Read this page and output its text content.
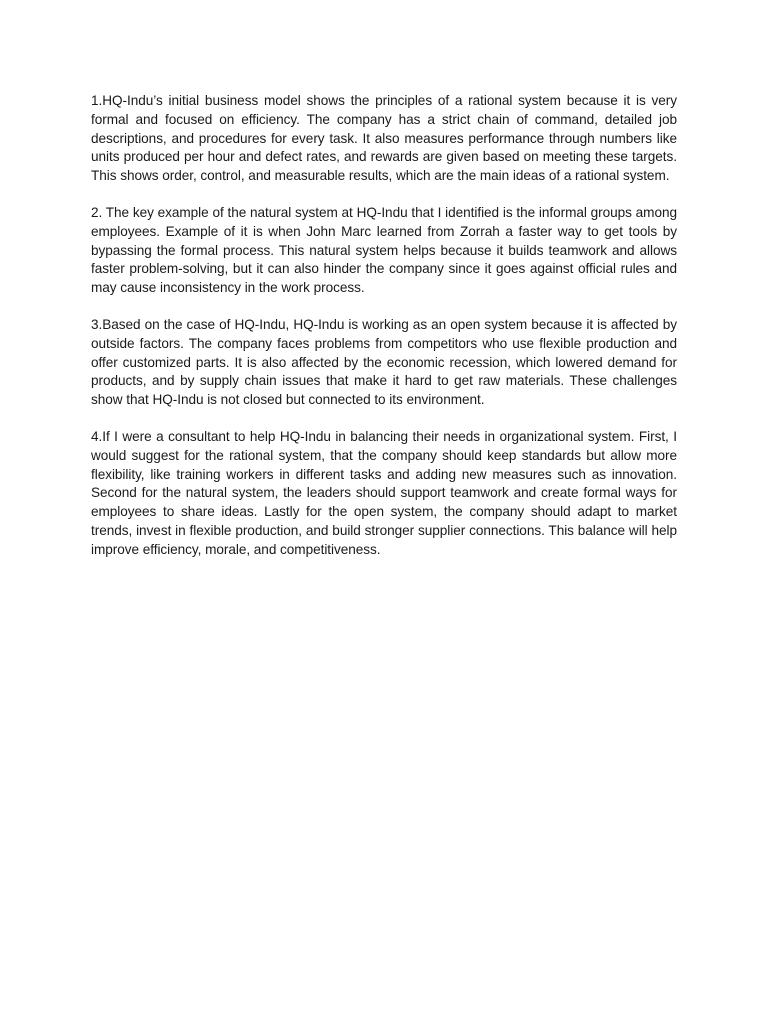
1.HQ-Indu’s initial business model shows the principles of a rational system because it is very formal and focused on efficiency. The company has a strict chain of command, detailed job descriptions, and procedures for every task. It also measures performance through numbers like units produced per hour and defect rates, and rewards are given based on meeting these targets. This shows order, control, and measurable results, which are the main ideas of a rational system.

2. The key example of the natural system at HQ-Indu that I identified is the informal groups among employees. Example of it is when John Marc learned from Zorrah a faster way to get tools by bypassing the formal process. This natural system helps because it builds teamwork and allows faster problem-solving, but it can also hinder the company since it goes against official rules and may cause inconsistency in the work process.

3.Based on the case of HQ-Indu, HQ-Indu is working as an open system because it is affected by outside factors. The company faces problems from competitors who use flexible production and offer customized parts. It is also affected by the economic recession, which lowered demand for products, and by supply chain issues that make it hard to get raw materials. These challenges show that HQ-Indu is not closed but connected to its environment.

4.If I were a consultant to help HQ-Indu in balancing their needs in organizational system. First, I would suggest for the rational system, that the company should keep standards but allow more flexibility, like training workers in different tasks and adding new measures such as innovation. Second for the natural system, the leaders should support teamwork and create formal ways for employees to share ideas. Lastly for the open system, the company should adapt to market trends, invest in flexible production, and build stronger supplier connections. This balance will help improve efficiency, morale, and competitiveness.
